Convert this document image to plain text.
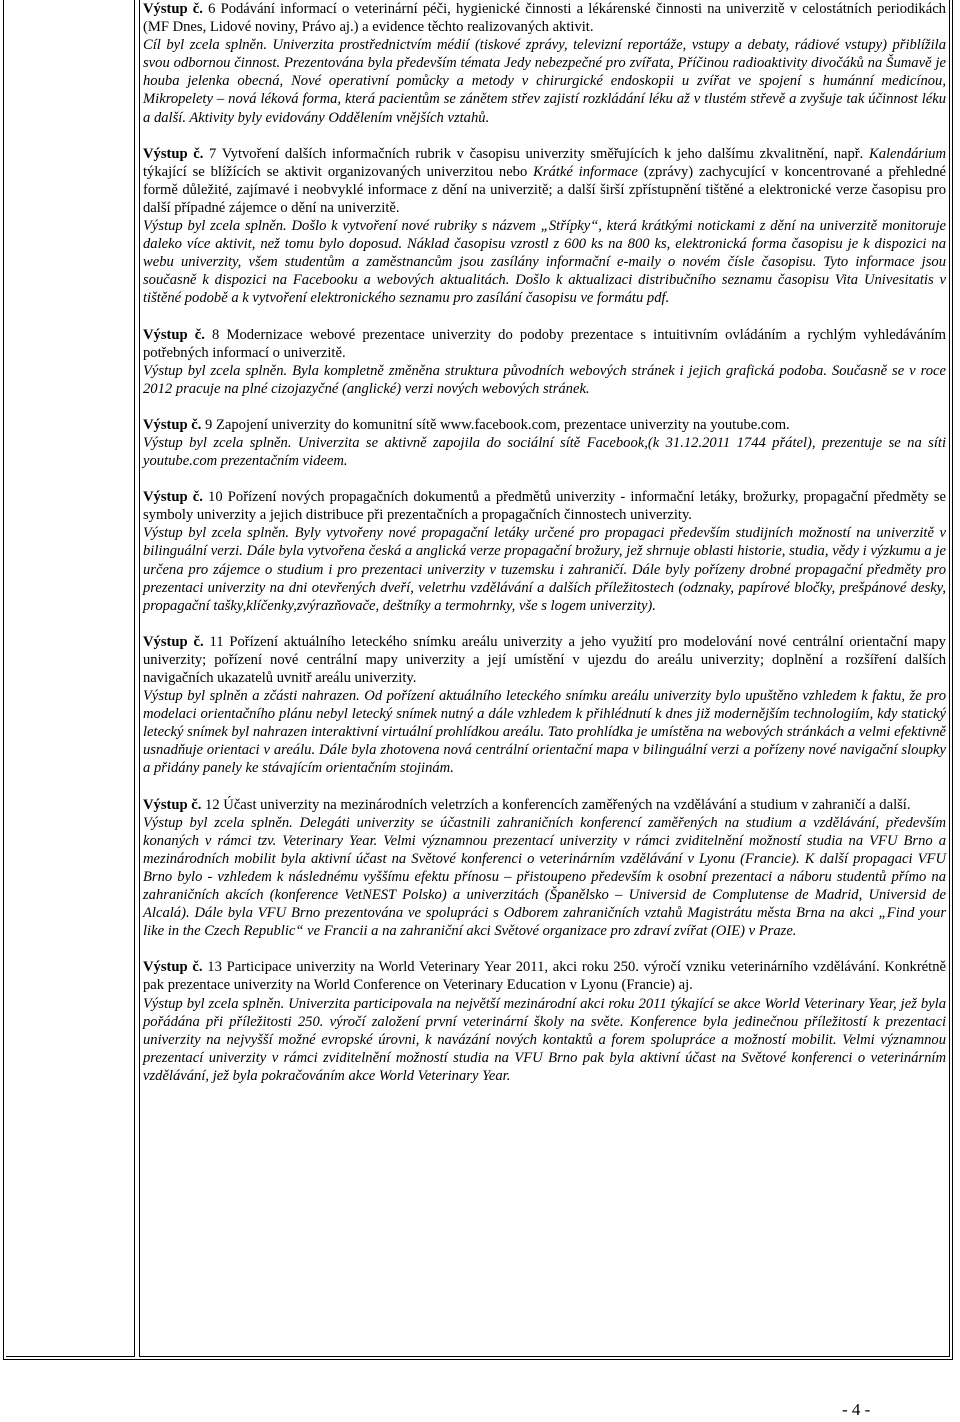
Výstup č. 6 Podávání informací o veterinární péči, hygienické činnosti a lékárenské činnosti na univerzitě v celostátních periodikách (MF Dnes, Lidové noviny, Právo aj.) a evidence těchto realizovaných aktivit.
Cíl byl zcela splněn. Univerzita prostřednictvím médií (tiskové zprávy, televizní reportáže, vstupy a debaty, rádiové vstupy) přiblížila svou odbornou činnost. Prezentována byla především témata Jedy nebezpečné pro zvířata, Příčinou radioaktivity divočáků na Šumavě je houba jelenka obecná, Nové operativní pomůcky a metody v chirurgické endoskopii u zvířat ve spojení s humánní medicínou, Mikropelety – nová léková forma, která pacientům se zánětem střev zajistí rozkládání léku až v tlustém střevě a zvyšuje tak účinnost léku a další. Aktivity byly evidovány Oddělením vnějších vztahů.
Výstup č. 7 Vytvoření dalších informačních rubrik v časopisu univerzity směřujících k jeho dalšímu zkvalitnění, např. Kalendárium týkající se blížících se aktivit organizovaných univerzitou nebo Krátké informace (zprávy) zachycující v koncentrované a přehledné formě důležité, zajímavé i neobvyklé informace z dění na univerzitě; a další širší zpřístupnění tištěné a elektronické verze časopisu pro další případné zájemce o dění na univerzitě.
Výstup byl zcela splněn. Došlo k vytvoření nové rubriky s názvem „Střípky“, která krátkými notickami z dění na univerzitě monitoruje daleko více aktivit, než tomu bylo doposud. Náklad časopisu vzrostl z 600 ks na 800 ks, elektronická forma časopisu je k dispozici na webu univerzity, všem studentům a zaměstnancům jsou zasílány informační e-maily o novém čísle časopisu. Tyto informace jsou současně k dispozici na Facebooku a webových aktualitách. Došlo k aktualizaci distribučního seznamu časopisu Vita Univesitatis v tištěné podobě a k vytvoření elektronického seznamu pro zasílání časopisu ve formátu pdf.
Výstup č. 8 Modernizace webové prezentace univerzity do podoby prezentace s intuitivním ovládáním a rychlým vyhledáváním potřebných informací o univerzitě.
Výstup byl zcela splněn. Byla kompletně změněna struktura původních webových stránek i jejich grafická podoba. Současně se v roce 2012 pracuje na plné cizojazyčné (anglické) verzi nových webových stránek.
Výstup č. 9 Zapojení univerzity do komunitní sítě www.facebook.com, prezentace univerzity na youtube.com.
Výstup byl zcela splněn. Univerzita se aktivně zapojila do sociální sítě Facebook,(k 31.12.2011 1744 přátel), prezentuje se na síti youtube.com prezentačním videem.
Výstup č. 10 Pořízení nových propagačních dokumentů a předmětů univerzity - informační letáky, brožurky, propagační předměty se symboly univerzity a jejich distribuce při prezentačních a propagačních činnostech univerzity.
Výstup byl zcela splněn. Byly vytvořeny nové propagační letáky určené pro propagaci především studijních možností na univerzitě v bilinguální verzi. Dále byla vytvořena česká a anglická verze propagační brožury, jež shrnuje oblasti historie, studia, vědy i výzkumu a je určena pro zájemce o studium i pro prezentaci univerzity v tuzemsku i zahraničí. Dále byly pořízeny drobné propagační předměty pro prezentaci univerzity na dni otevřených dveří, veletrhu vzdělávání a dalších příležitostech (odznaky, papírové bločky, prešpánové desky, propagační tašky,klíčenky,zvýrazňovače, deštníky a termohrnky, vše s logem univerzity).
Výstup č. 11 Pořízení aktuálního leteckého snímku areálu univerzity a jeho využití pro modelování nové centrální orientační mapy univerzity; pořízení nové centrální mapy univerzity a její umístění v ujezdu do areálu univerzity; doplnění a rozšíření dalších navigačních ukazatelů uvnitř areálu univerzity.
Výstup byl splněn a zčásti nahrazen. Od pořízení aktuálního leteckého snímku areálu univerzity bylo upuštěno vzhledem k faktu, že pro modelaci orientačního plánu nebyl letecký snímek nutný a dále vzhledem k přihlédnutí k dnes již modernějším technologiím, kdy statický letecký snímek byl nahrazen interaktivní virtuální prohlídkou areálu. Tato prohlídka je umístěna na webových stránkách a velmi efektivně usnadňuje orientaci v areálu. Dále byla zhotovena nová centrální orientační mapa v bilinguální verzi a pořízeny nové navigační sloupky a přidány panely ke stávajícím orientačním stojinám.
Výstup č. 12 Účast univerzity na mezinárodních veletrzích a konferencích zaměřených na vzdělávání a studium v zahraničí a další.
Výstup byl zcela splněn. Delegáti univerzity se účastnili zahraničních konferencí zaměřených na studium a vzdělávání, především konaných v rámci tzv. Veterinary Year. Velmi významnou prezentací univerzity v rámci zviditelnění možností studia na VFU Brno a mezinárodních mobilit byla aktivní účast na Světové konferenci o veterinárním vzdělávání v Lyonu (Francie). K další propagaci VFU Brno bylo - vzhledem k následnému vyššímu efektu přínosu – přistoupeno především k osobní prezentaci a náboru studentů přímo na zahraničních akcích (konference VetNEST Polsko) a univerzitách (Španělsko – Universid de Complutense de Madrid, Universid de Alcalá). Dále byla VFU Brno prezentována ve spolupráci s Odborem zahraničních vztahů Magistrátu města Brna na akci „Find your like in the Czech Republic“ ve Francii a na zahraniční akci Světové organizace pro zdraví zvířat (OIE) v Praze.
Výstup č. 13 Participace univerzity na World Veterinary Year 2011, akci roku 250. výročí vzniku veterinárního vzdělávání. Konkrétně pak prezentace univerzity na World Conference on Veterinary Education v Lyonu (Francie) aj.
Výstup byl zcela splněn. Univerzita participovala na největší mezinárodní akci roku 2011 týkající se akce World Veterinary Year, jež byla pořádána při příležitosti 250. výročí založení první veterinární školy na světe. Konference byla jedinečnou příležitostí k prezentaci univerzity na nejvyšší možné evropské úrovni, k navázání nových kontaktů a forem spolupráce a možností mobilit. Velmi významnou prezentací univerzity v rámci zviditelnění možností studia na VFU Brno pak byla aktivní účast na Světové konferenci o veterinárním vzdělávání, jež byla pokračováním akce World Veterinary Year.
- 4 -
